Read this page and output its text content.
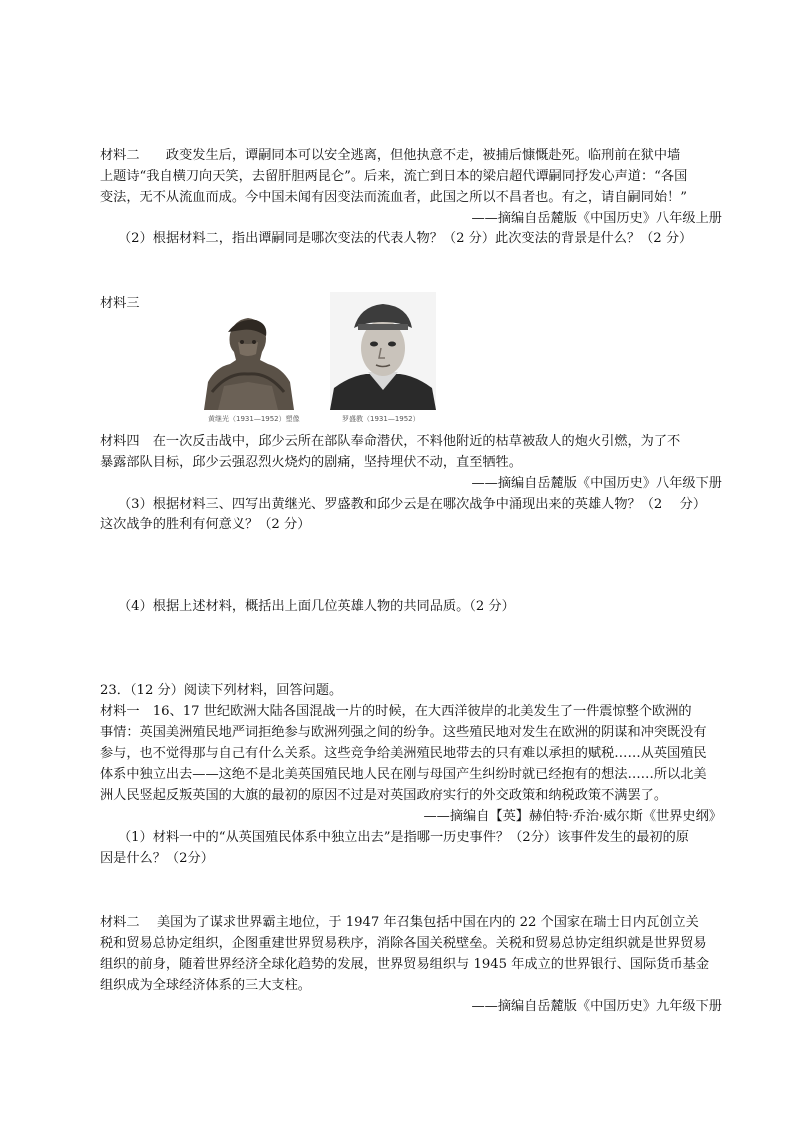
材料二　　政变发生后，谭嗣同本可以安全逃离，但他执意不走，被捕后慷慨赴死。临刑前在狱中墙
上题诗“我自横刀向天笑，去留肝胆两昆仑”。后来，流亡到日本的梁启超代谭嗣同抒发心声道：“各国
变法，无不从流血而成。今中国未闻有因变法而流血者，此国之所以不昌者也。有之，请自嗣同始！”
——摘编自岳麓版《中国历史》八年级上册
（2）根据材料二，指出谭嗣同是哪次变法的代表人物？（2 分）此次变法的背景是什么？（2 分）
材料三
黄继光（1931—1952）塑像	罗盛教（1931—1952）
材料四　在一次反击战中，邱少云所在部队奉命潜伏，不料他附近的枯草被敌人的炮火引燃，为了不
暴露部队目标，邱少云强忍烈火烧灼的剧痛，坚持埋伏不动，直至牺牲。
——摘编自岳麓版《中国历史》八年级下册
（3）根据材料三、四写出黄继光、罗盛教和邱少云是在哪次战争中涌现出来的英雄人物？（2　 分）
这次战争的胜利有何意义？（2 分）
（4）根据上述材料，概括出上面几位英雄人物的共同品质。（2 分）
23．（12 分）阅读下列材料，回答问题。
材料一　16、17 世纪欧洲大陆各国混战一片的时候，在大西洋彼岸的北美发生了一件震惊整个欧洲的
事情：英国美洲殖民地严词拒绝参与欧洲列强之间的纷争。这些殖民地对发生在欧洲的阴谋和冲突既没有
参与，也不觉得那与自己有什么关系。这些竞争给美洲殖民地带去的只有难以承担的赋税……从英国殖民
体系中独立出去——这绝不是北美英国殖民地人民在刚与母国产生纠纷时就已经抱有的想法……所以北美
洲人民竖起反叛英国的大旗的最初的原因不过是对英国政府实行的外交政策和纳税政策不满罢了。
——摘编自【英】赫伯特·乔治·威尔斯《世界史纲》
（1）材料一中的“从英国殖民体系中独立出去”是指哪一历史事件？（2分）该事件发生的最初的原
因是什么？（2分）
材料二　 美国为了谋求世界霸主地位，于 1947 年召集包括中国在内的 22 个国家在瑞士日内瓦创立关
税和贸易总协定组织，企图重建世界贸易秩序，消除各国关税壁垒。关税和贸易总协定组织就是世界贸易
组织的前身，随着世界经济全球化趋势的发展，世界贸易组织与 1945 年成立的世界银行、国际货币基金
组织成为全球经济体系的三大支柱。
——摘编自岳麓版《中国历史》九年级下册
